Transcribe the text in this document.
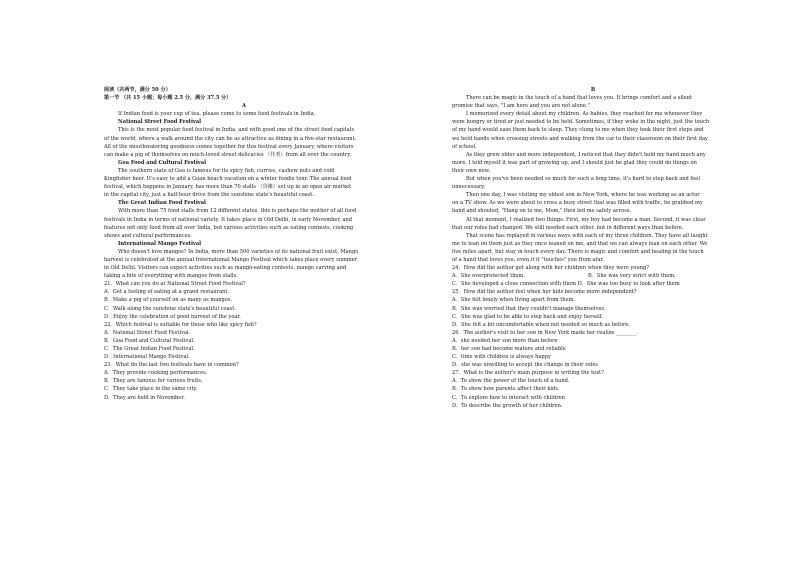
阅读（共两节，满分 50 分）
第一节 （共 15 小题；每小题 2.5 分，满分 37.5 分）
A
If Indian food is your cup of tea, please come to some food festivals in India.
National Street Food Festival
This is the most popular food festival in India, and with good one of the street food capitals
of the world, where a walk around the city can be as attractive as dining in a five-star restaurant.
All of the mouthwatering goodness comes together for this festival every January, where visitors
can make a pig of themselves on much-loved street delicacies （佳肴）from all over the country.
Goa Food and Cultural Festival
The southern state of Goa is famous for its spicy fish, curries, cashew nuts and cold
Kingfisher beer. It's easy to add a Goan beach vacation on a winter foodie tour. The annual food
festival, which happens in January, has more than 70 stalls （货摊）set up in an open air market
in the capital city, just a half-hour drive from the sunshine state's beautiful coast.
The Great Indian Food Festival
With more than 75 food stalls from 12 different states, this is perhaps the mother of all food
festivals in India in terms of national variety. It takes place in Old Delhi, in early November, and
features not only food from all over India, but various activities such as eating contests, cooking
shows and cultural performances.
International Mango Festival
Who doesn't love mangos? In India, more than 500 varieties of its national fruit exist. Mango
harvest is celebrated at the annual International Mango Festival which takes place every summer
in Old Delhi. Visitors can expect activities such as mango-eating contests, mango carving and
taking a bite of everything with mangos from stalls.
21．What can you do at National Street Food Festival?
A．Get a feeling of eating at a grand restaurant.
B．Make a pig of yourself on as many as mangos.
C．Walk along the sunshine state's beautiful coast.
D．Enjoy the celebration of good harvest of the year.
22．Which festival is suitable for those who like spicy fish?
A．National Street Food Festival.
B．Goa Food and Cultural Festival.
C．The Great Indian Food Festival.
D．International Mango Festival.
23．What do the last two festivals have in common?
A．They provide cooking performances.
B．They are famous for various fruits.
C．They take place in the same city.
D．They are held in November.
B
There can be magic in the touch of a hand that loves you. It brings comfort and a silent
promise that says, "I am here and you are not alone."
I memorized every detail about my children. As babies, they reached for me whenever they
were hungry or tired or just needed to be held. Sometimes, if they woke in the night, just the touch
of my hand would ease them back to sleep. They clung to me when they took their first steps and
we held hands when crossing streets and walking from the car to their classroom on their first day
of school.
As they grew older and more independent, I noticed that they didn't hold my hand much any
more. I told myself it was part of growing up, and I should just be glad they could do things on
their own now.
But when you've been needed so much for such a long time, it's hard to step back and feel
unnecessary.
Then one day, I was visiting my oldest son in New York, where he was working as an actor
on a TV show. As we were about to cross a busy street that was filled with traffic, he grabbed my
hand and shouted, "Hang on to me, Mom," then led me safely across.
At that moment, I realized two things. First, my boy had become a man. Second, it was clear
that our roles had changed. We still needed each other, but in different ways than before.
That scene has replayed in various ways with each of my three children. They have all taught
me to lean on them just as they once leaned on me, and that we can always lean on each other. We
live miles apart, but stay in touch every day. There is magic and comfort and healing in the touch
of a hand that loves you, even if it "touches" you from afar.
24．How did the author get along with her children when they were young?
A．She overprotected them.	B．She was very strict with them.
C．She developed a close connection with them D．She was too busy to look after them
25．How did the author feel when her kids become more independent?
A．She felt lonely when living apart from them.
B．She was worried that they couldn't manage themselves.
C．She was glad to be able to step back and enjoy herself.
D．She felt a bit uncomfortable when not needed so much as before.
26．The author's visit to her son in New York made her realize ________.
A．she needed her son more than before
B．her son had become mature and reliable
C．time with children is always happy
D．she was unwilling to accept the change in their roles
27．What is the author's main purpose in writing the text?
A．To show the power of the touch of a hand.
B．To show how parents affect their kids.
C．To explore how to interact with children
D．To describe the growth of her children.
